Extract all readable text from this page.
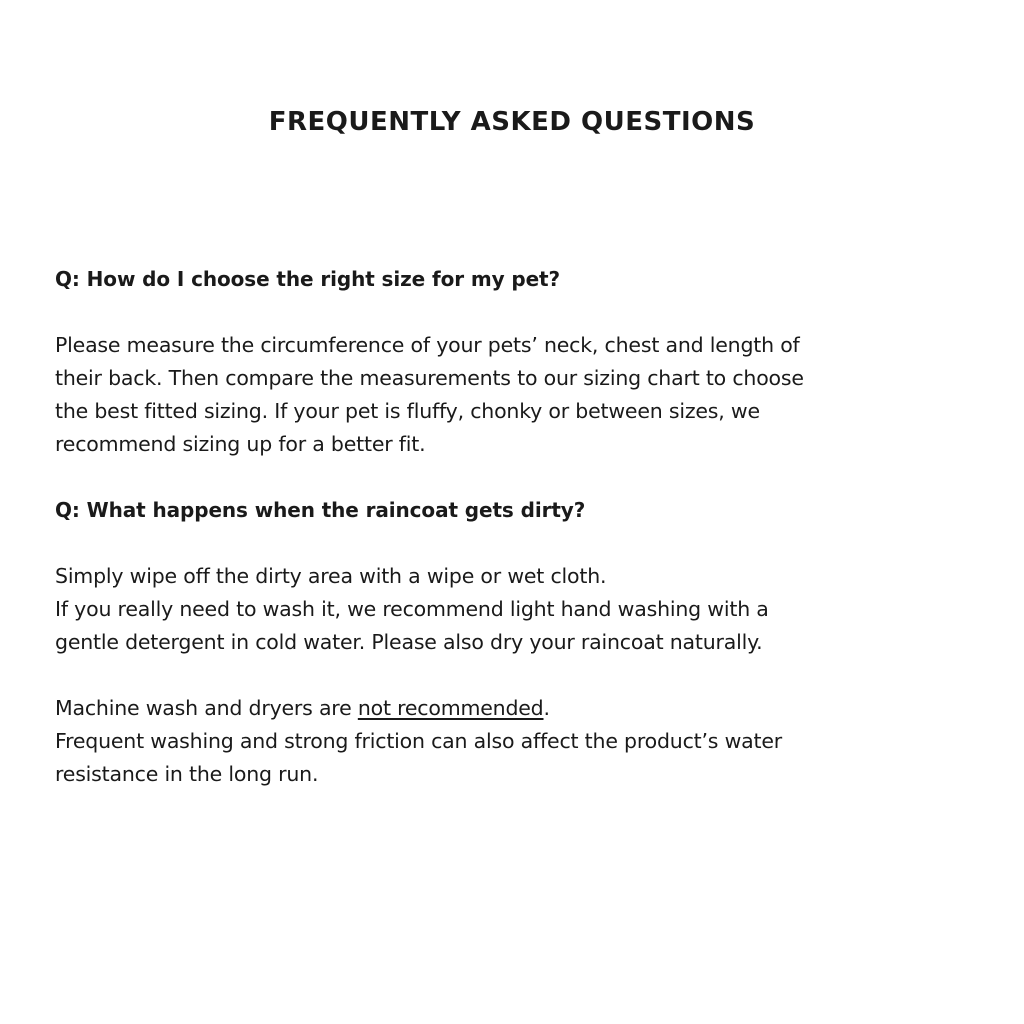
FREQUENTLY ASKED QUESTIONS

Q: How do I choose the right size for my pet?

Please measure the circumference of your pets’ neck, chest and length of
their back. Then compare the measurements to our sizing chart to choose
the best fitted sizing. If your pet is fluffy, chonky or between sizes, we
recommend sizing up for a better fit.

Q: What happens when the raincoat gets dirty?

Simply wipe off the dirty area with a wipe or wet cloth.
If you really need to wash it, we recommend light hand washing with a
gentle detergent in cold water. Please also dry your raincoat naturally.

Machine wash and dryers are not recommended.
Frequent washing and strong friction can also affect the product’s water
resistance in the long run.
